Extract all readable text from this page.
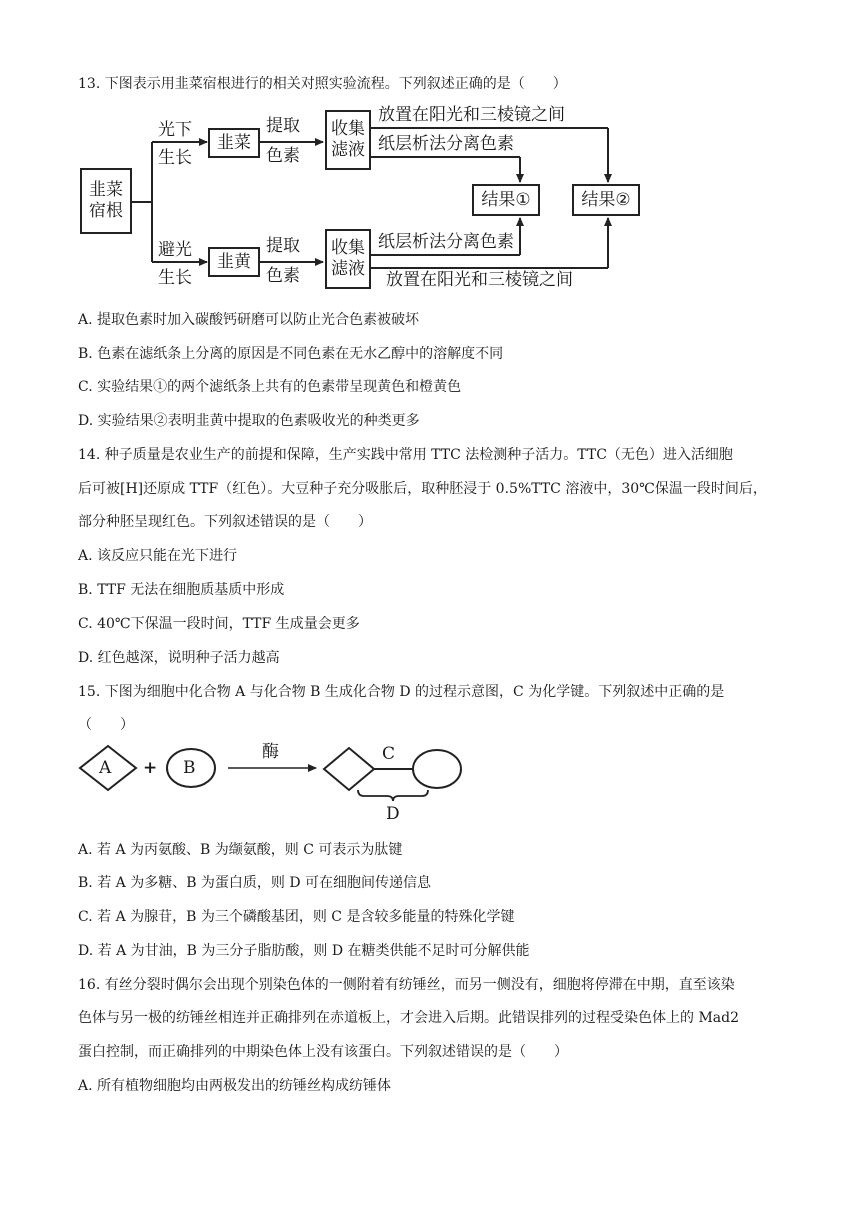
13. 下图表示用韭菜宿根进行的相关对照实验流程。下列叙述正确的是（　　）
韭菜宿根
光下
生长
避光
生长
韭菜
韭黄
提取
色素
提取
色素
收集
滤液
收集
滤液
放置在阳光和三棱镜之间
纸层析法分离色素
纸层析法分离色素
放置在阳光和三棱镜之间
结果①	结果②
A. 提取色素时加入碳酸钙研磨可以防止光合色素被破坏
B. 色素在滤纸条上分离的原因是不同色素在无水乙醇中的溶解度不同
C. 实验结果①的两个滤纸条上共有的色素带呈现黄色和橙黄色
D. 实验结果②表明韭黄中提取的色素吸收光的种类更多
14. 种子质量是农业生产的前提和保障，生产实践中常用 TTC 法检测种子活力。TTC（无色）进入活细胞
后可被[H]还原成 TTF（红色）。大豆种子充分吸胀后，取种胚浸于 0.5%TTC 溶液中，30℃保温一段时间后，
部分种胚呈现红色。下列叙述错误的是（　　）
A. 该反应只能在光下进行
B. TTF 无法在细胞质基质中形成
C. 40℃下保温一段时间，TTF 生成量会更多
D. 红色越深，说明种子活力越高
15. 下图为细胞中化合物 A 与化合物 B 生成化合物 D 的过程示意图，C 为化学键。下列叙述中正确的是
（　　）
A + B
酶	C
D
A. 若 A 为丙氨酸、B 为缬氨酸，则 C 可表示为肽键
B. 若 A 为多糖、B 为蛋白质，则 D 可在细胞间传递信息
C. 若 A 为腺苷，B 为三个磷酸基团，则 C 是含较多能量的特殊化学键
D. 若 A 为甘油，B 为三分子脂肪酸，则 D 在糖类供能不足时可分解供能
16. 有丝分裂时偶尔会出现个别染色体的一侧附着有纺锤丝，而另一侧没有，细胞将停滞在中期，直至该染
色体与另一极的纺锤丝相连并正确排列在赤道板上，才会进入后期。此错误排列的过程受染色体上的 Mad2
蛋白控制，而正确排列的中期染色体上没有该蛋白。下列叙述错误的是（　　）
A. 所有植物细胞均由两极发出的纺锤丝构成纺锤体
